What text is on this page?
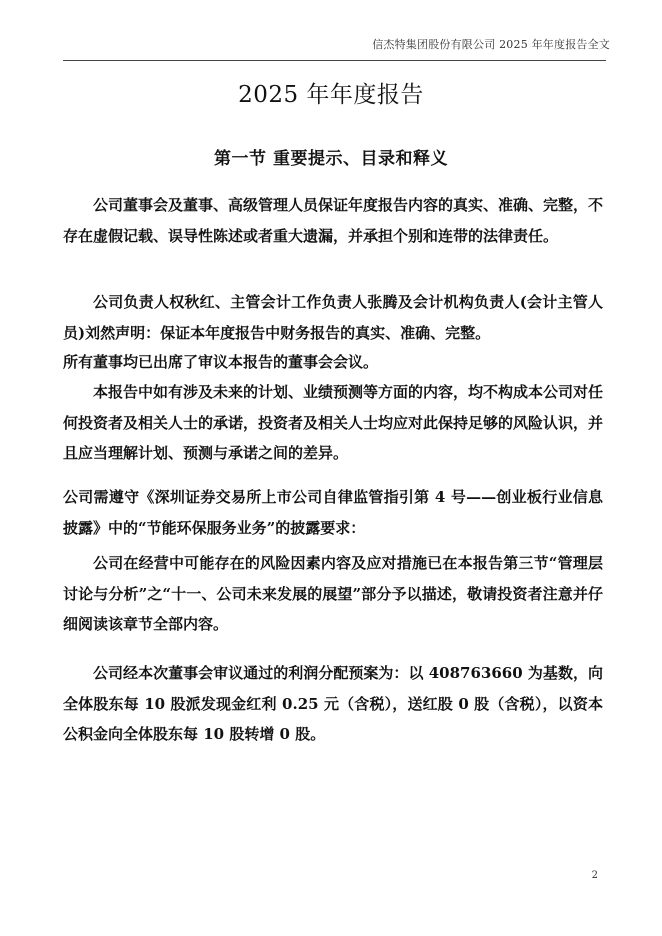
信杰特集团股份有限公司 2025 年年度报告全文
2025 年年度报告
第一节 重要提示、目录和释义

公司董事会及董事、高级管理人员保证年度报告内容的真实、准确、完整，不存在虚假记载、误导性陈述或者重大遗漏，并承担个别和连带的法律责任。

公司负责人权秋红、主管会计工作负责人张腾及会计机构负责人(会计主管人员)刘然声明：保证本年度报告中财务报告的真实、准确、完整。

所有董事均已出席了审议本报告的董事会会议。

本报告中如有涉及未来的计划、业绩预测等方面的内容，均不构成本公司对任何投资者及相关人士的承诺，投资者及相关人士均应对此保持足够的风险认识，并且应当理解计划、预测与承诺之间的差异。

公司需遵守《深圳证券交易所上市公司自律监管指引第 4 号——创业板行业信息披露》中的“节能环保服务业务”的披露要求：

公司在经营中可能存在的风险因素内容及应对措施已在本报告第三节“管理层讨论与分析”之“十一、公司未来发展的展望”部分予以描述，敬请投资者注意并仔细阅读该章节全部内容。

公司经本次董事会审议通过的利润分配预案为：以 408763660 为基数，向全体股东每 10 股派发现金红利 0.25 元（含税），送红股 0 股（含税），以资本公积金向全体股东每 10 股转增 0 股。

2
